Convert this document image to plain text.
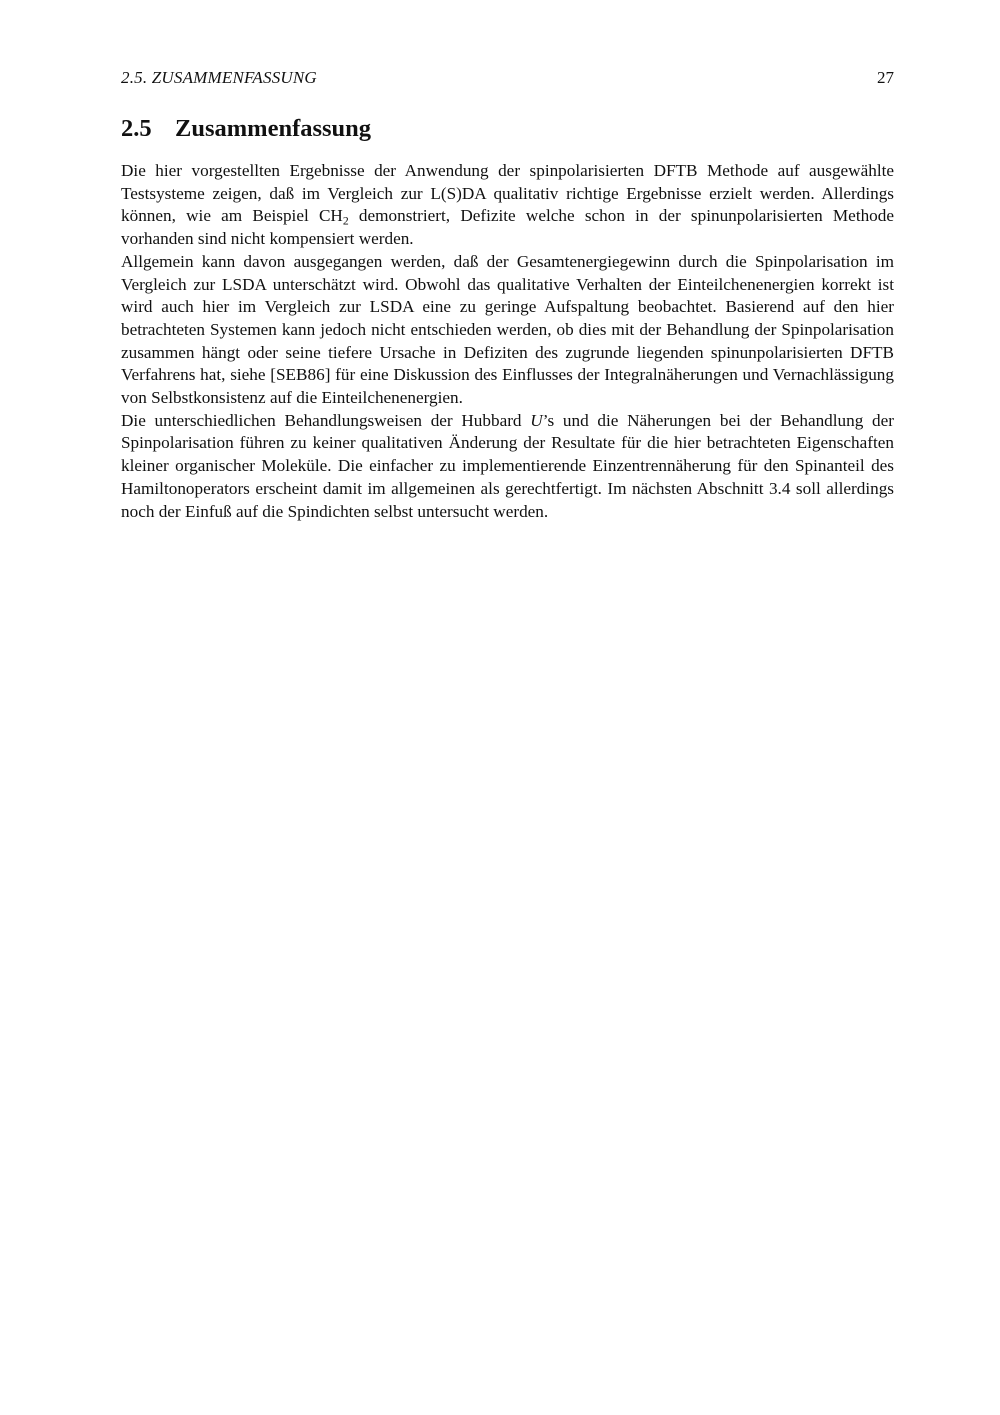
2.5. ZUSAMMENFASSUNG	27
2.5 Zusammenfassung

Die hier vorgestellten Ergebnisse der Anwendung der spinpolarisierten DFTB Methode auf ausgewählte Testsysteme zeigen, daß im Vergleich zur L(S)DA qualitativ richtige Ergebnisse erzielt werden. Allerdings können, wie am Beispiel $CH_2$ demonstriert, Defizite welche schon in der spinunpolarisierten Methode vorhanden sind nicht kompensiert werden.

Allgemein kann davon ausgegangen werden, daß der Gesamtenergiegewinn durch die Spinpolarisation im Vergleich zur LSDA unterschätzt wird. Obwohl das qualitative Verhalten der Einteilchenenergien korrekt ist wird auch hier im Vergleich zur LSDA eine zu geringe Aufspaltung beobachtet. Basierend auf den hier betrachteten Systemen kann jedoch nicht entschieden werden, ob dies mit der Behandlung der Spinpolarisation zusammen hängt oder seine tiefere Ursache in Defiziten des zugrunde liegenden spinunpolarisierten DFTB Verfahrens hat, siehe [SEB86] für eine Diskussion des Einflusses der Integralnäherungen und Vernachlässigung von Selbstkonsistenz auf die Einteilchenenergien.

Die unterschiedlichen Behandlungsweisen der Hubbard U’s und die Näherungen bei der Behandlung der Spinpolarisation führen zu keiner qualitativen Änderung der Resultate für die hier betrachteten Eigenschaften kleiner organischer Moleküle. Die einfacher zu implementierende Einzentrennäherung für den Spinanteil des Hamiltonoperators erscheint damit im allgemeinen als gerechtfertigt. Im nächsten Abschnitt 3.4 soll allerdings noch der Einfuß auf die Spindichten selbst untersucht werden.
